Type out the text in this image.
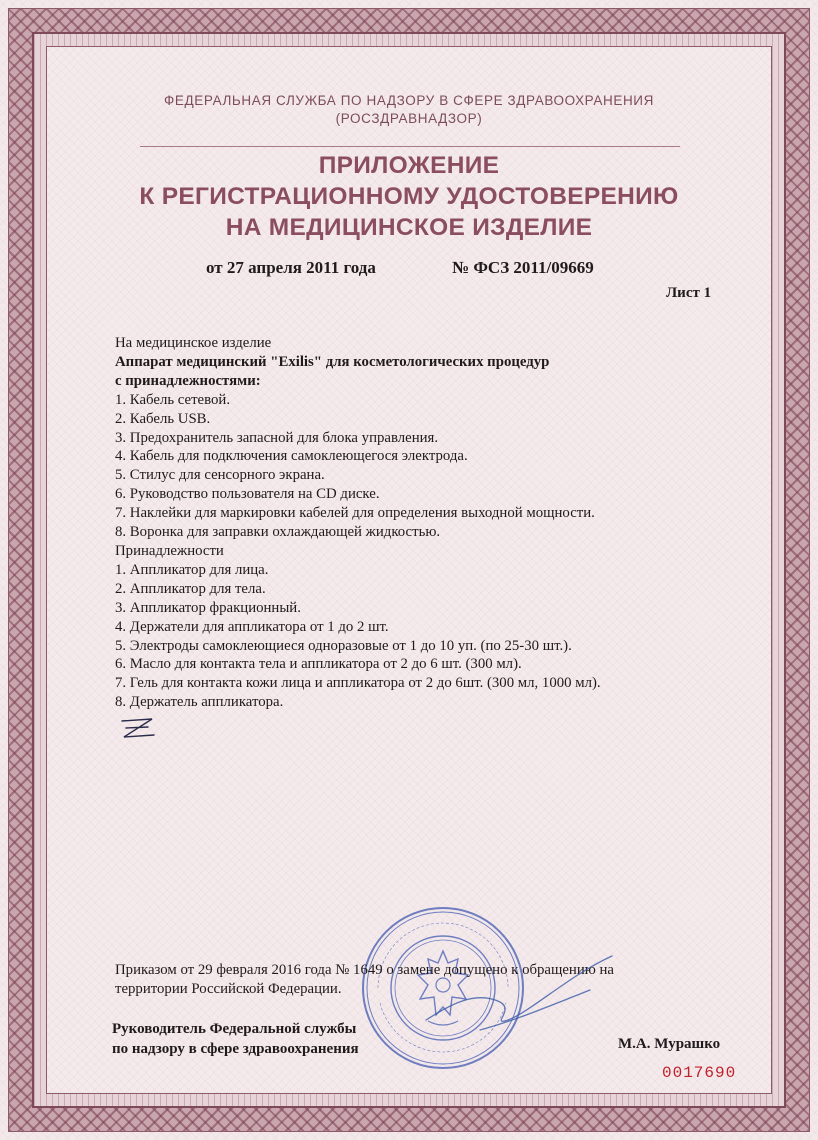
ФЕДЕРАЛЬНАЯ СЛУЖБА ПО НАДЗОРУ В СФЕРЕ ЗДРАВООХРАНЕНИЯ
(РОСЗДРАВНАДЗОР)
ПРИЛОЖЕНИЕ
К РЕГИСТРАЦИОННОМУ УДОСТОВЕРЕНИЮ
НА МЕДИЦИНСКОЕ ИЗДЕЛИЕ
от 27 апреля 2011 года	№ ФСЗ 2011/09669
Лист 1
На медицинское изделие
Аппарат медицинский "Exilis" для косметологических процедур
с принадлежностями:
1. Кабель сетевой.
2. Кабель USB.
3. Предохранитель запасной для блока управления.
4. Кабель для подключения самоклеющегося электрода.
5. Стилус для сенсорного экрана.
6. Руководство пользователя на CD диске.
7. Наклейки для маркировки кабелей для определения выходной мощности.
8. Воронка для заправки охлаждающей жидкостью.
Принадлежности
1. Аппликатор для лица.
2. Аппликатор для тела.
3. Аппликатор фракционный.
4. Держатели для аппликатора от 1 до 2 шт.
5. Электроды самоклеющиеся одноразовые от 1 до 10 уп. (по 25-30 шт.).
6. Масло для контакта тела и аппликатора от 2 до 6 шт. (300 мл).
7. Гель для контакта кожи лица и аппликатора от 2 до 6шт. (300 мл, 1000 мл).
8. Держатель аппликатора.
Приказом от 29 февраля 2016 года № 1649 о замене допущено к обращению на
территории Российской Федерации.
Руководитель Федеральной службы
по надзору в сфере здравоохранения	М.А. Мурашко
0017690
